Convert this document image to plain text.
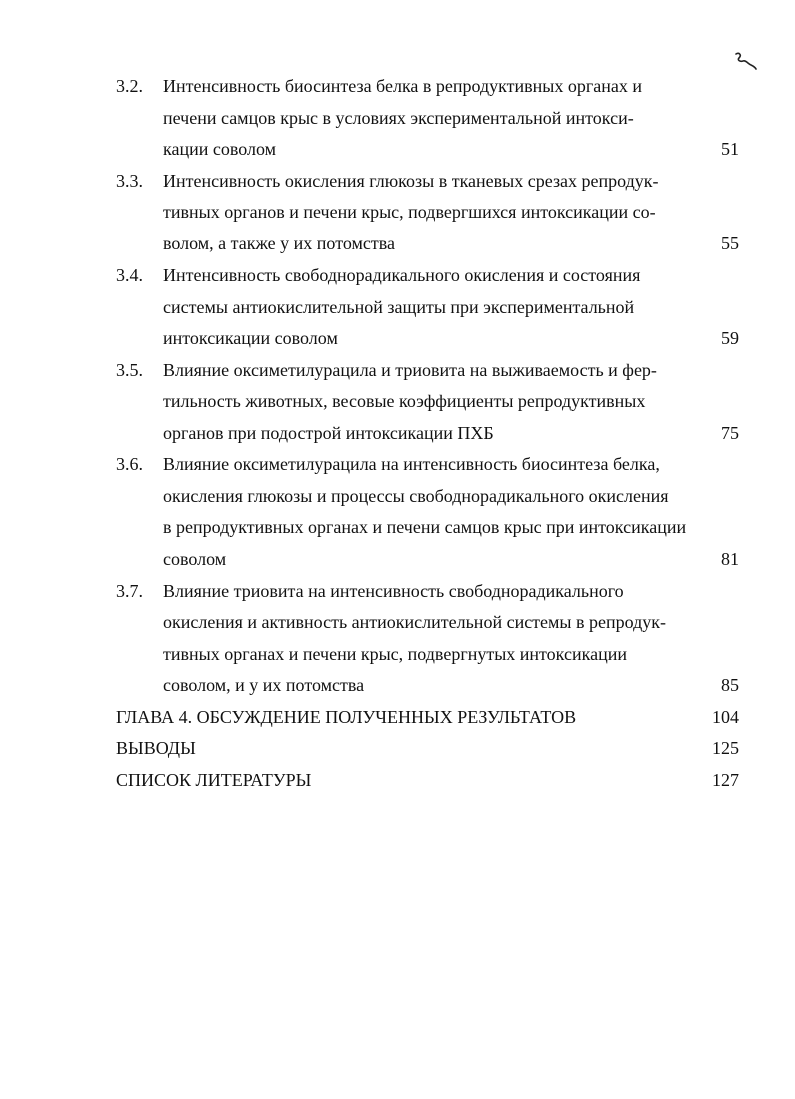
3.2. Интенсивность биосинтеза белка в репродуктивных органах и
печени самцов крыс в условиях экспериментальной интокси-
кации соволом	51
3.3. Интенсивность окисления глюкозы в тканевых срезах репродук-
тивных органов и печени крыс, подвергшихся интоксикации со-
волом, а также у их потомства	55
3.4. Интенсивность свободнорадикального окисления и состояния
системы антиокислительной защиты при экспериментальной
интоксикации соволом	59
3.5. Влияние оксиметилурацила и триовита на выживаемость и фер-
тильность животных, весовые коэффициенты репродуктивных
органов при подострой интоксикации ПХБ	75
3.6. Влияние оксиметилурацила на интенсивность биосинтеза белка,
окисления глюкозы и процессы свободнорадикального окисления
в репродуктивных органах и печени самцов крыс при интоксикации
соволом	81
3.7. Влияние триовита на интенсивность свободнорадикального
окисления и активность антиокислительной системы в репродук-
тивных органах и печени крыс, подвергнутых интоксикации
соволом, и у их потомства	85
ГЛАВА 4. ОБСУЖДЕНИЕ ПОЛУЧЕННЫХ РЕЗУЛЬТАТОВ	104
ВЫВОДЫ	125
СПИСОК ЛИТЕРАТУРЫ	127
